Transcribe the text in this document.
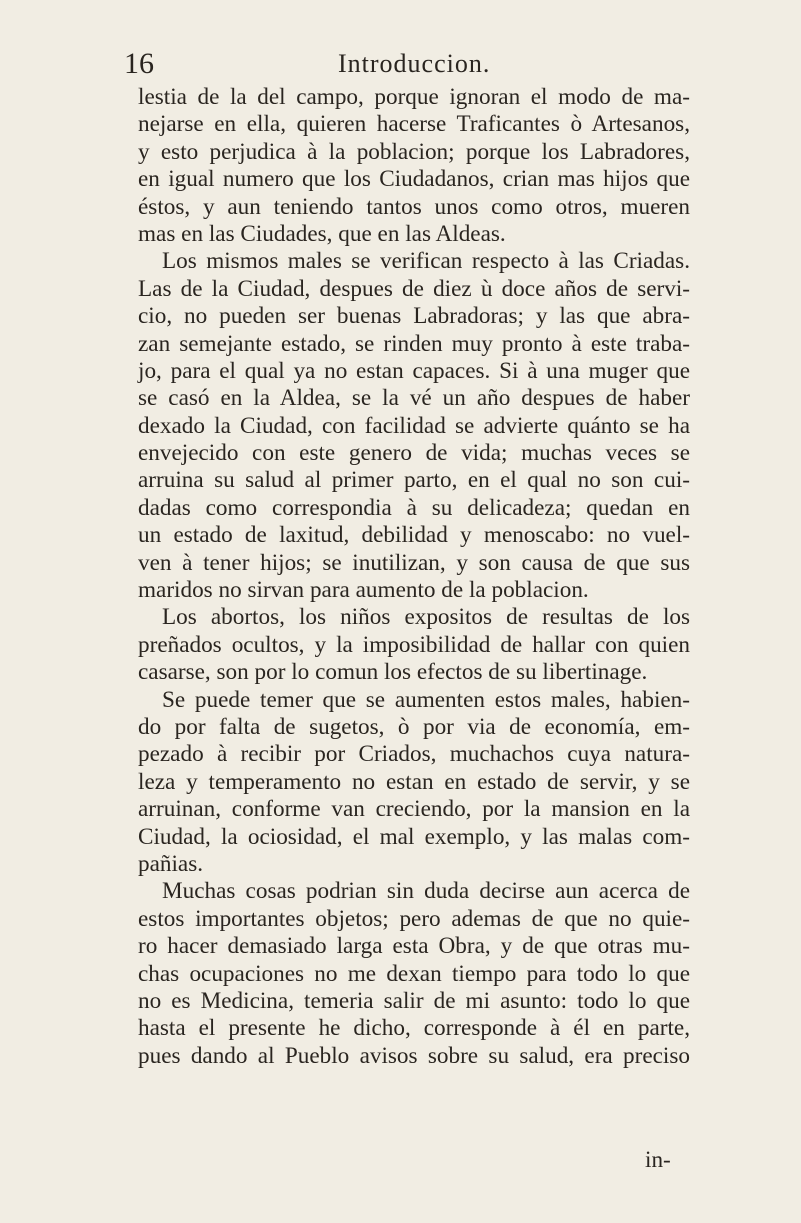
16	Introduccion.
lestia de la del campo, porque ignoran el modo de ma-
nejarse en ella, quieren hacerse Traficantes ò Artesanos,
y esto perjudica à la poblacion; porque los Labradores,
en igual numero que los Ciudadanos, crian mas hijos que
éstos, y aun teniendo tantos unos como otros, mueren
mas en las Ciudades, que en las Aldeas.
Los mismos males se verifican respecto à las Criadas.
Las de la Ciudad, despues de diez ù doce años de servi-
cio, no pueden ser buenas Labradoras; y las que abra-
zan semejante estado, se rinden muy pronto à este traba-
jo, para el qual ya no estan capaces. Si à una muger que
se casó en la Aldea, se la vé un año despues de haber
dexado la Ciudad, con facilidad se advierte quánto se ha
envejecido con este genero de vida; muchas veces se
arruina su salud al primer parto, en el qual no son cui-
dadas como correspondia à su delicadeza; quedan en
un estado de laxitud, debilidad y menoscabo: no vuel-
ven à tener hijos; se inutilizan, y son causa de que sus
maridos no sirvan para aumento de la poblacion.
Los abortos, los niños expositos de resultas de los
preñados ocultos, y la imposibilidad de hallar con quien
casarse, son por lo comun los efectos de su libertinage.
Se puede temer que se aumenten estos males, habien-
do por falta de sugetos, ò por via de economía, em-
pezado à recibir por Criados, muchachos cuya natura-
leza y temperamento no estan en estado de servir, y se
arruinan, conforme van creciendo, por la mansion en la
Ciudad, la ociosidad, el mal exemplo, y las malas com-
pañias.
Muchas cosas podrian sin duda decirse aun acerca de
estos importantes objetos; pero ademas de que no quie-
ro hacer demasiado larga esta Obra, y de que otras mu-
chas ocupaciones no me dexan tiempo para todo lo que
no es Medicina, temeria salir de mi asunto: todo lo que
hasta el presente he dicho, corresponde à él en parte,
pues dando al Pueblo avisos sobre su salud, era preciso
in-
